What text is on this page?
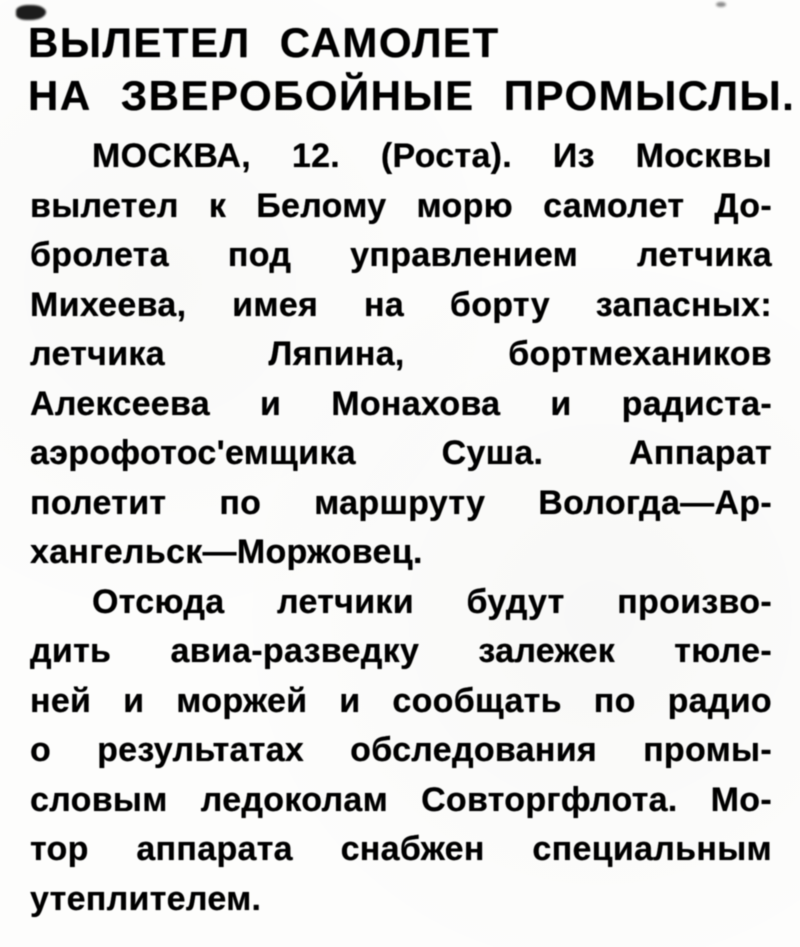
ВЫЛЕТЕЛ САМОЛЕТ
НА ЗВЕРОБОЙНЫЕ ПРОМЫСЛЫ.
МОСКВА, 12. (Роста). Из Москвы
вылетел к Белому морю самолет До-
бролета под управлением летчика
Михеева, имея на борту запасных:
летчика Ляпина, бортмехаников
Алексеева и Монахова и радиста-
аэрофотос'емщика Суша. Аппарат
полетит по маршруту Вологда—Ар-
хангельск—Моржовец.
Отсюда летчики будут произво-
дить авиа-разведку залежек тюле-
ней и моржей и сообщать по радио
о результатах обследования промы-
словым ледоколам Совторгфлота. Мо-
тор аппарата снабжен специальным
утеплителем.
